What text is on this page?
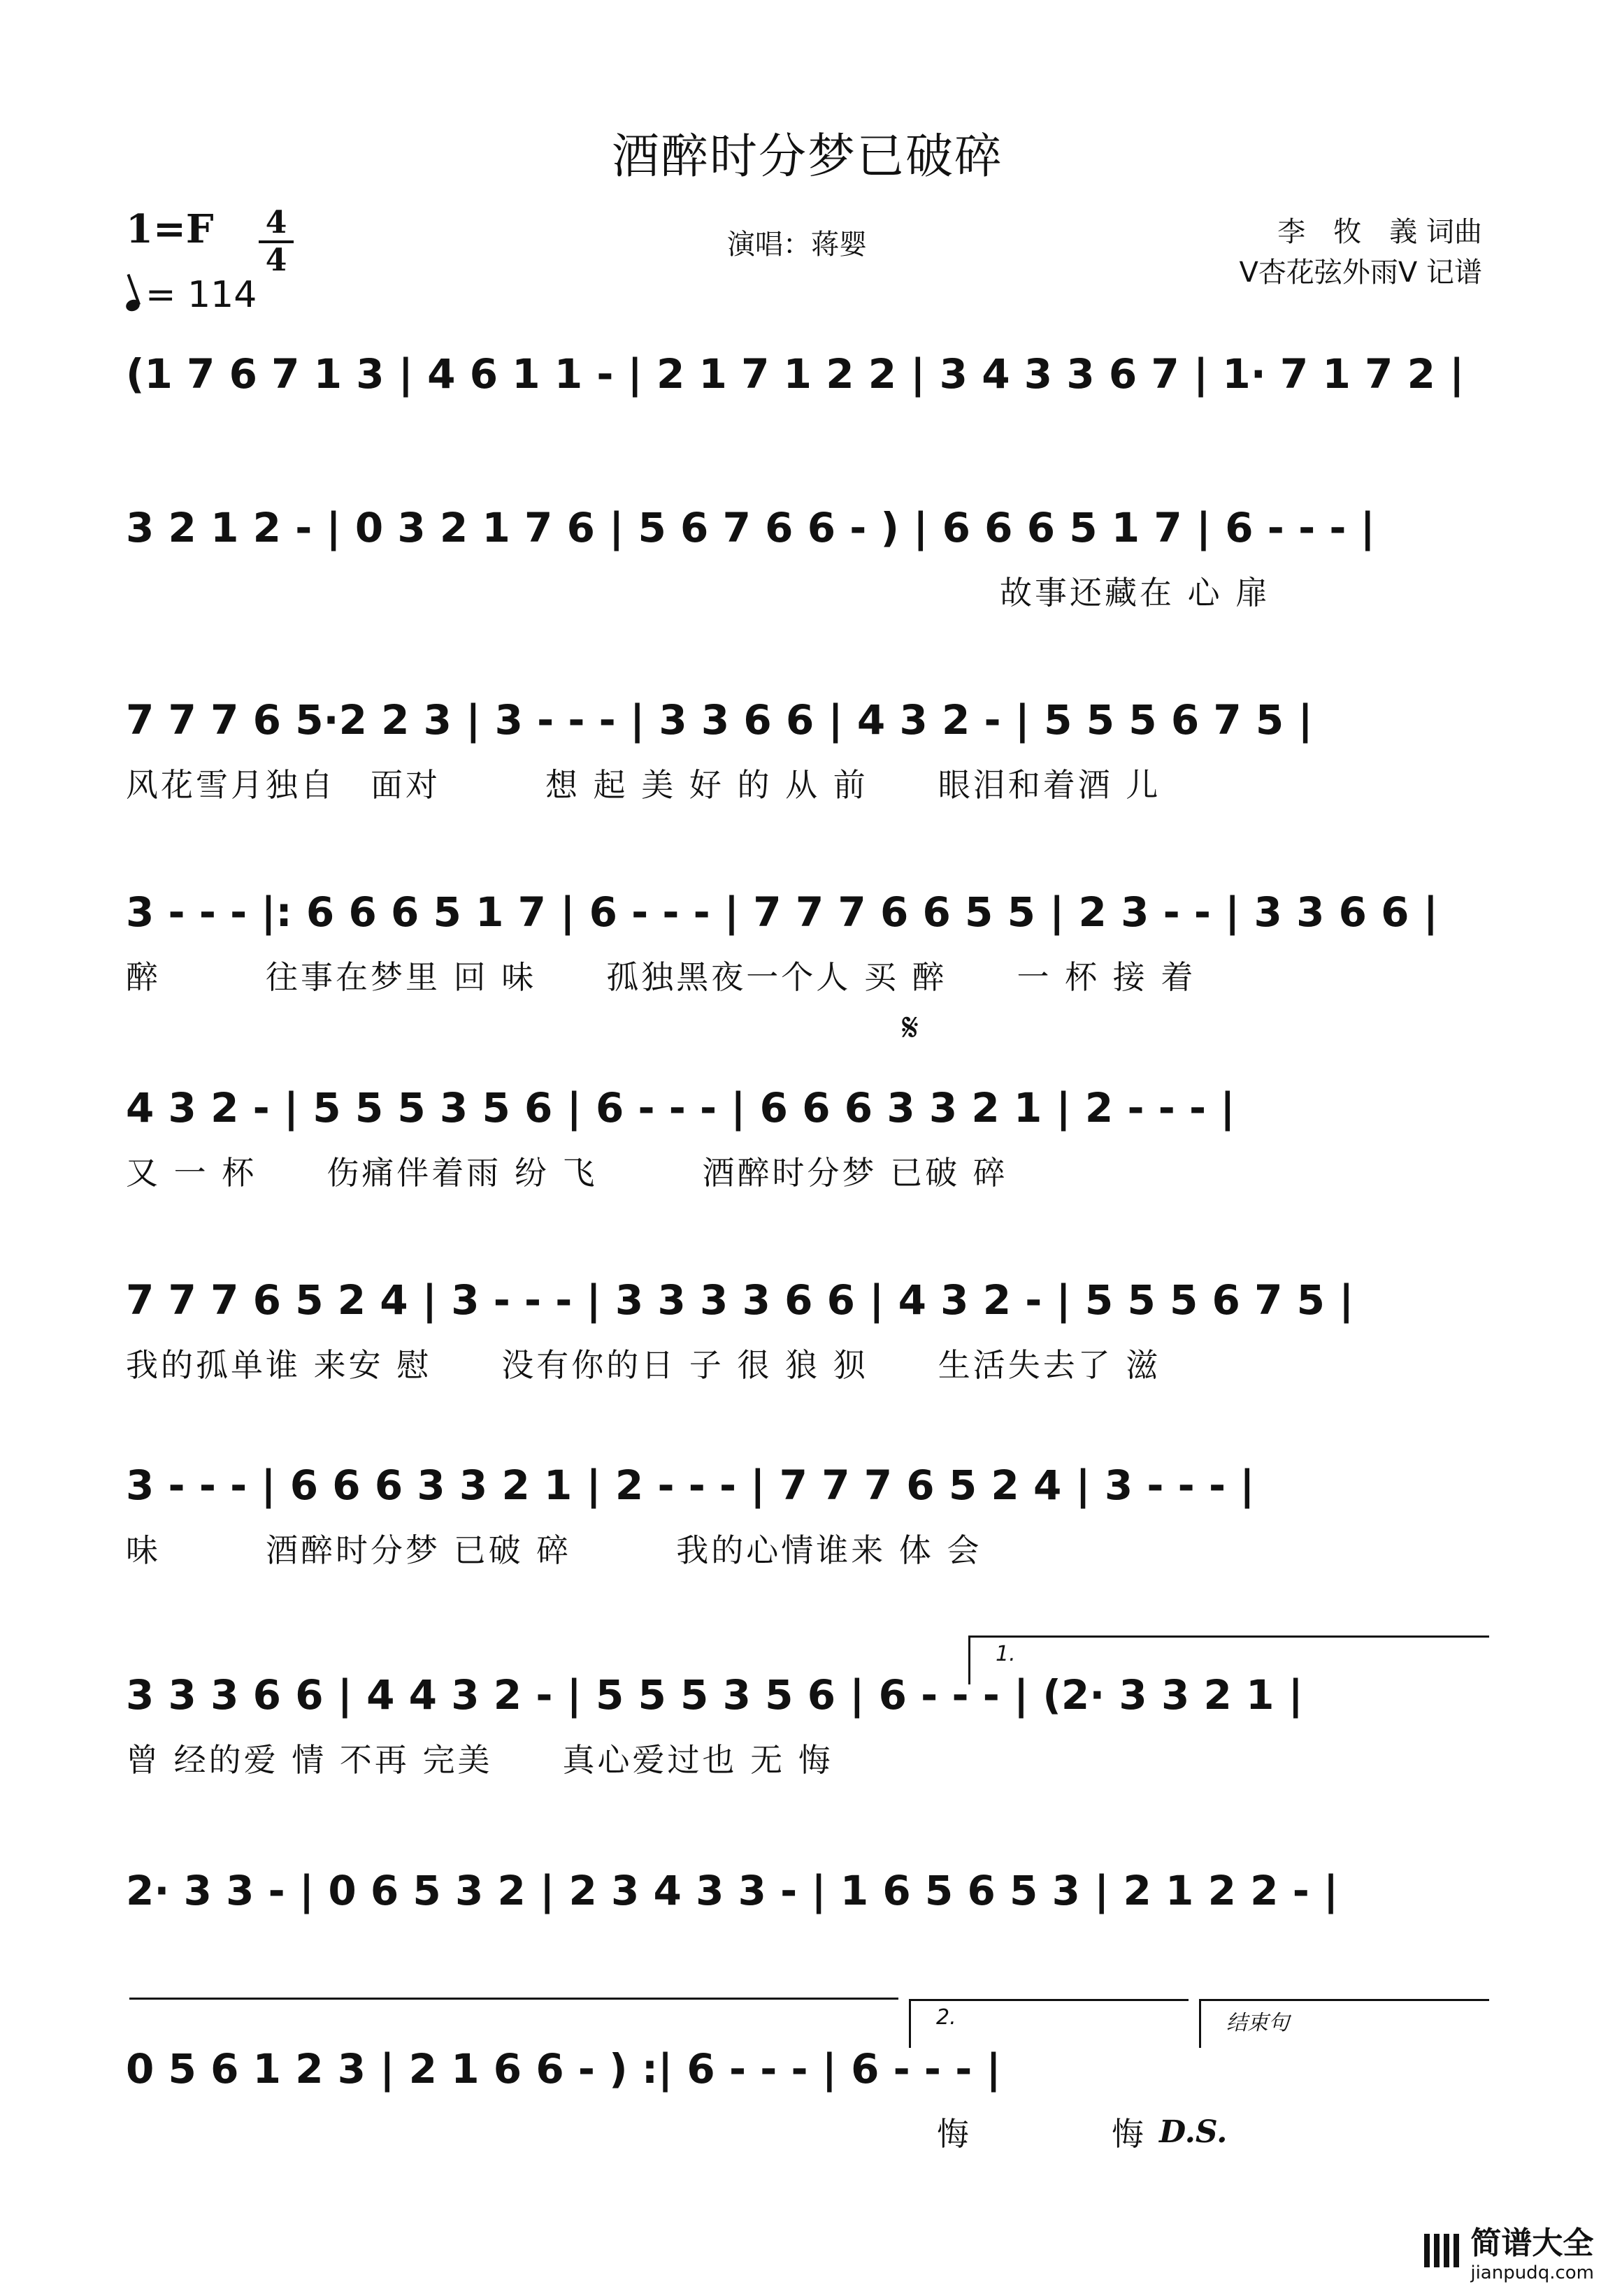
酒醉时分梦已破碎
1=F 4
4
= 114
演唱：蒋婴	李　牧　義 词曲
V杏花弦外雨V 记谱
(1 7 6 7 1 3 | 4 6 1 1 - | 2 1 7 1 2 2 | 3 4 3 3 6 7 | 1· 7 1 7 2 |
3 2 1 2 - | 0 3 2 1 7 6 | 5 6 7 6 6 - ) | 6 6 6 5 1 7 | 6 - - - |
故事还藏在 心 扉
7 7 7 6 5·2 2 3 | 3 - - - | 3 3 6 6 | 4 3 2 - | 5 5 5 6 7 5 |
风花雪月独自　面对　　　想 起 美 好 的 从 前　　眼泪和着酒 儿
3 - - - |: 6 6 6 5 1 7 | 6 - - - | 7 7 7 6 6 5 5 | 2 3 - - | 3 3 6 6 |
醉　　　往事在梦里 回 味　　孤独黑夜一个人 买 醉　　一 杯 接 着
𝄋
4 3 2 - | 5 5 5 3 5 6 | 6 - - - | 6 6 6 3 3 2 1 | 2 - - - |
又 一 杯　　伤痛伴着雨 纷 飞　　　酒醉时分梦 已破 碎
7 7 7 6 5 2 4 | 3 - - - | 3 3 3 3 6 6 | 4 3 2 - | 5 5 5 6 7 5 |
我的孤单谁 来安 慰　　没有你的日 子 很 狼 狈　　生活失去了 滋
3 - - - | 6 6 6 3 3 2 1 | 2 - - - | 7 7 7 6 5 2 4 | 3 - - - |
味　　　酒醉时分梦 已破 碎　　　我的心情谁来 体 会
1.
3 3 3 6 6 | 4 4 3 2 - | 5 5 5 3 5 6 | 6 - - - | (2· 3 3 2 1 |
曾 经的爱 情 不再 完美　　真心爱过也 无 悔
2· 3 3 - | 0 6 5 3 2 | 2 3 4 3 3 - | 1 6 5 6 5 3 | 2 1 2 2 - |
2.	结束句
0 5 6 1 2 3 | 2 1 6 6 - ) :| 6 - - - | 6 - - - |
悔　　　　悔 D.S.
简谱大全
jianpudq.com
